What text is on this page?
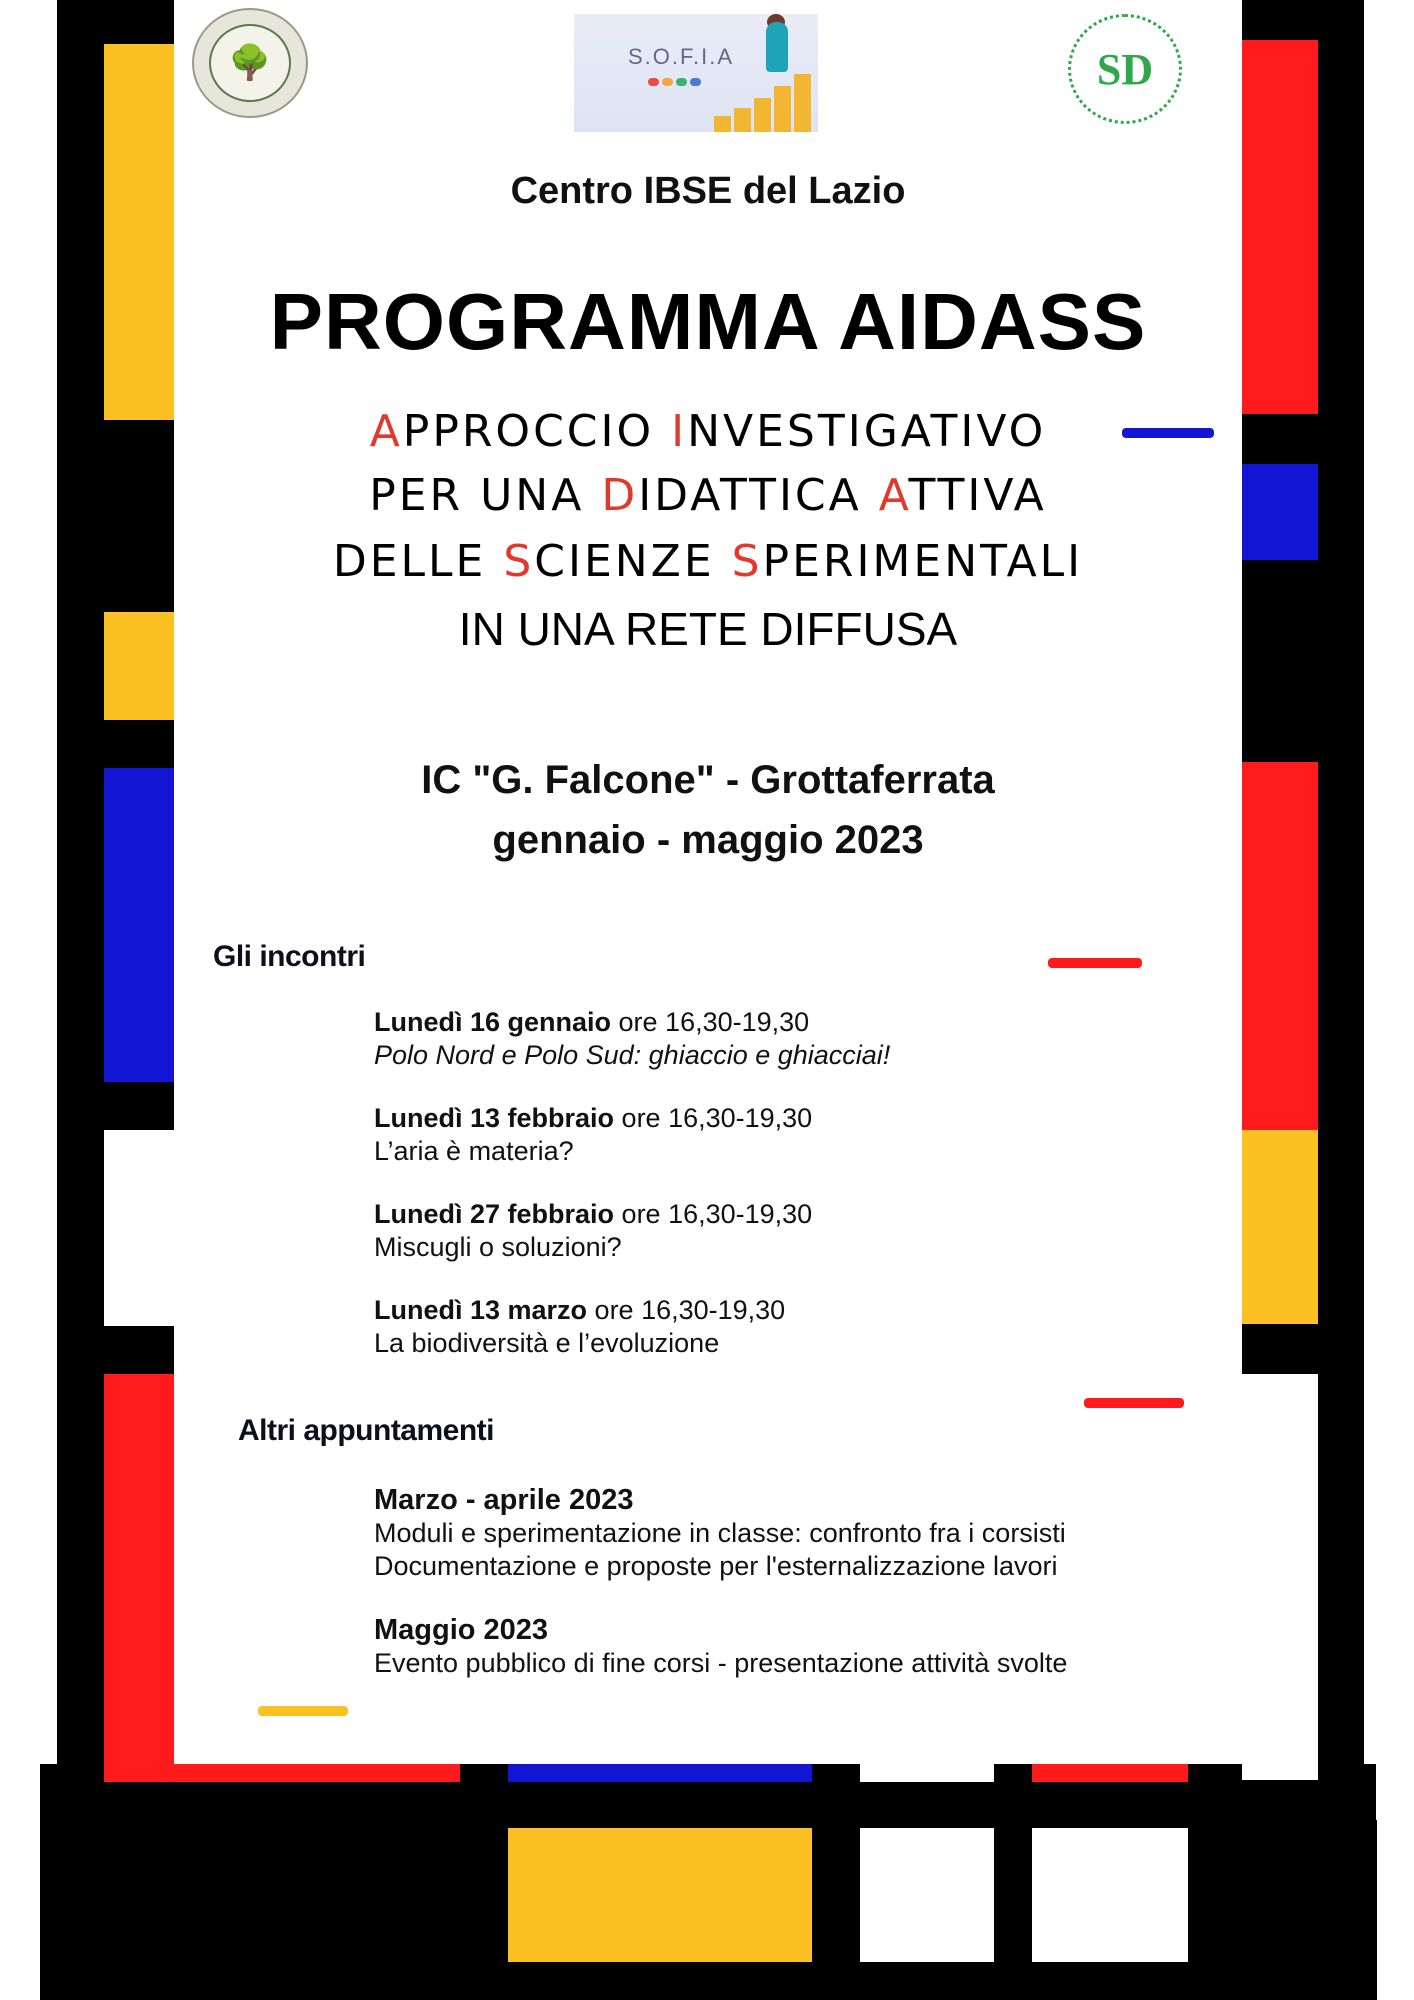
🌳	S.O.F.I.A	SD
Centro IBSE del Lazio
PROGRAMMA AIDASS
APPROCCIO INVESTIGATIVO
PER UNA DIDATTICA ATTIVA
DELLE SCIENZE SPERIMENTALI
IN UNA RETE DIFFUSA
IC "G. Falcone" - Grottaferrata
gennaio - maggio 2023
Gli incontri
Lunedì 16 gennaio ore 16,30-19,30
Polo Nord e Polo Sud: ghiaccio e ghiacciai!
Lunedì 13 febbraio ore 16,30-19,30
L’aria è materia?
Lunedì 27 febbraio ore 16,30-19,30
Miscugli o soluzioni?
Lunedì 13 marzo ore 16,30-19,30
La biodiversità e l’evoluzione
Altri appuntamenti
Marzo - aprile 2023
Moduli e sperimentazione in classe: confronto fra i corsisti
Documentazione e proposte per l'esternalizzazione lavori
Maggio 2023
Evento pubblico di fine corsi - presentazione attività svolte
